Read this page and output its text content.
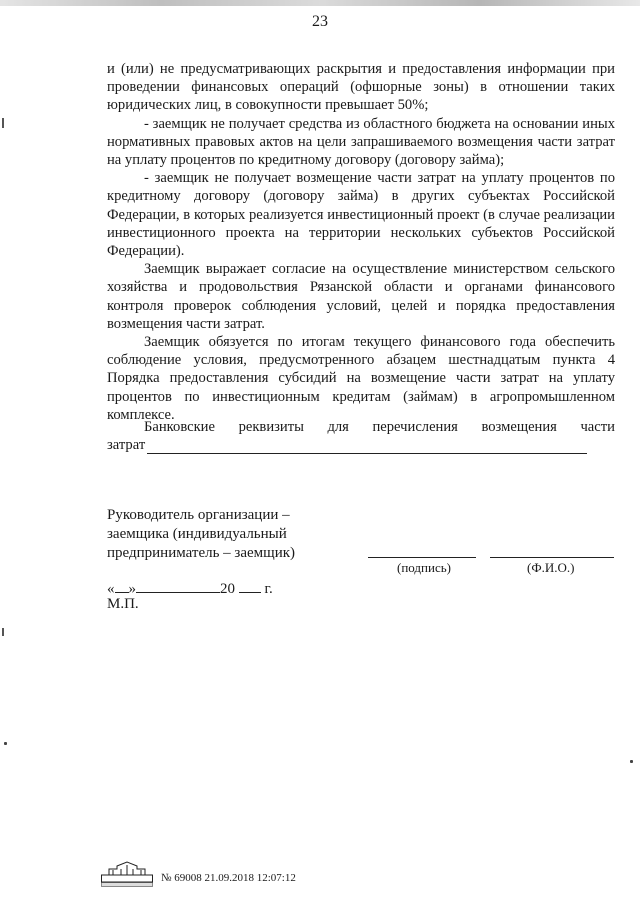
23

и (или) не предусматривающих раскрытия и предоставления информации при проведении финансовых операций (офшорные зоны) в отношении таких юридических лиц, в совокупности превышает 50%;

- заемщик не получает средства из областного бюджета на основании иных нормативных правовых актов на цели запрашиваемого возмещения части затрат на уплату процентов по кредитному договору (договору займа);

- заемщик не получает возмещение части затрат на уплату процентов по кредитному договору (договору займа) в других субъектах Российской Федерации, в которых реализуется инвестиционный проект (в случае реализации инвестиционного проекта на территории нескольких субъектов Российской Федерации).

Заемщик выражает согласие на осуществление министерством сельского хозяйства и продовольствия Рязанской области и органами финансового контроля проверок соблюдения условий, целей и порядка предоставления возмещения части затрат.

Заемщик обязуется по итогам текущего финансового года обеспечить соблюдение условия, предусмотренного абзацем шестнадцатым пункта 4 Порядка предоставления субсидий на возмещение части затрат на уплату процентов по инвестиционным кредитам (займам) в агропромышленном комплексе.

Банковские реквизиты для перечисления возмещения части
затрат
Руководитель организации –
заемщика (индивидуальный
предприниматель – заемщик)
(подпись)	(Ф.И.О.)
« »	20 г.
М.П.
№ 69008 21.09.2018 12:07:12
